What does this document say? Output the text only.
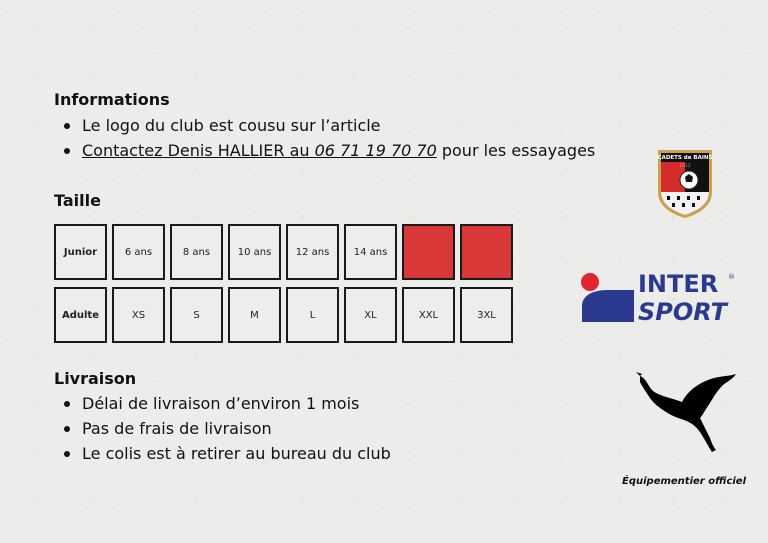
Informations
Le logo du club est cousu sur l’article
Contactez Denis HALLIER au 06 71 19 70 70 pour les essayages
Taille
Junior	6 ans	8 ans	10 ans	12 ans	14 ans
Adulte	XS	S	M	L	XL	XXL	3XL
Livraison
Délai de livraison d’environ 1 mois
Pas de frais de livraison
Le colis est à retirer au bureau du club
CADETS de BAINS
1912
INTER
SPORT
®
Équipementier officiel
